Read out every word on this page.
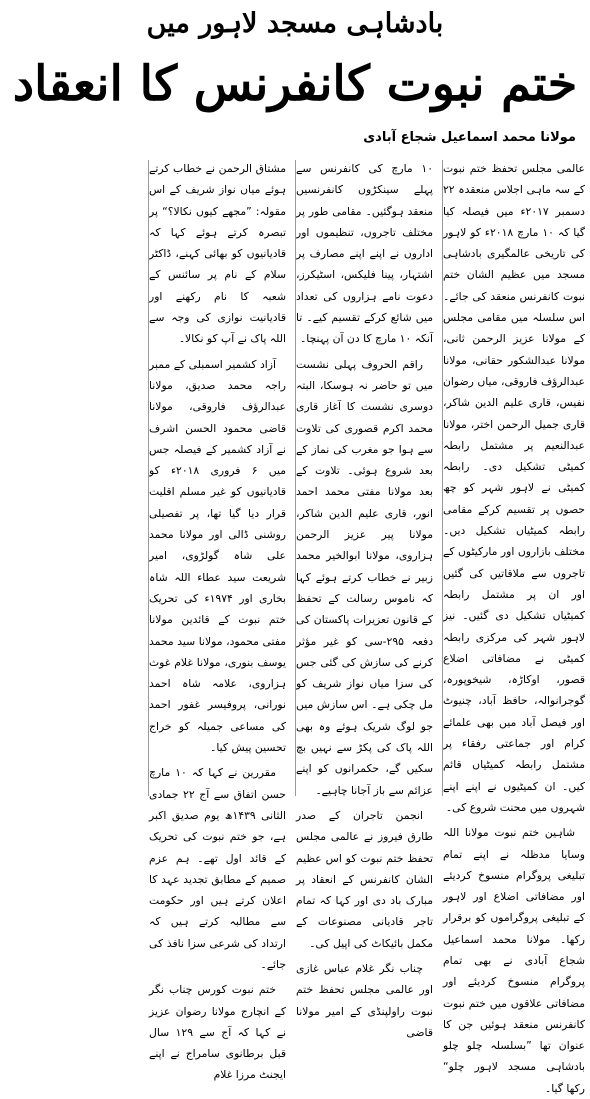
بادشاہی مسجد لاہور میں
ختم نبوت کانفرنس کا انعقاد
مولانا محمد اسماعیل شجاع آبادی

عالمی مجلس تحفظ ختم نبوت کے سہ ماہی اجلاس منعقدہ ۲۲ دسمبر ۲۰۱۷ء میں فیصلہ کیا گیا کہ ۱۰ مارچ ۲۰۱۸ء کو لاہور کی تاریخی عالمگیری بادشاہی مسجد میں عظیم الشان ختم نبوت کانفرنس منعقد کی جائے۔ اس سلسلہ میں مقامی مجلس کے مولانا عزیز الرحمن ثانی، مولانا عبدالشکور حقانی، مولانا عبدالرؤف فاروقی، میاں رضوان نفیس، قاری علیم الدین شاکر، قاری جمیل الرحمن اختر، مولانا عبدالنعیم پر مشتمل رابطہ کمیٹی تشکیل دی۔ رابطہ کمیٹی نے لاہور شہر کو چھ حصوں پر تقسیم کرکے مقامی رابطہ کمیٹیاں تشکیل دیں۔ مختلف بازاروں اور مارکیٹوں کے تاجروں سے ملاقاتیں کی گئیں اور ان پر مشتمل رابطہ کمیٹیاں تشکیل دی گئیں۔ نیز لاہور شہر کی مرکزی رابطہ کمیٹی نے مضافاتی اضلاع قصور، اوکاڑہ، شیخوپورہ، گوجرانوالہ، حافظ آباد، چنیوٹ اور فیصل آباد میں بھی علمائے کرام اور جماعتی رفقاء پر مشتمل رابطہ کمیٹیاں قائم کیں۔ ان کمیٹیوں نے اپنے اپنے شہروں میں محنت شروع کی۔

شاہین ختم نبوت مولانا اللہ وسایا مدظلہ نے اپنے تمام تبلیغی پروگرام منسوخ کردیئے اور مضافاتی اضلاع اور لاہور کے تبلیغی پروگراموں کو برقرار رکھا۔ مولانا محمد اسماعیل شجاع آبادی نے بھی تمام پروگرام منسوخ کردیئے اور مضافاتی علاقوں میں ختم نبوت کانفرنس منعقد ہوئیں جن کا عنوان تھا ”بسلسلہ چلو چلو بادشاہی مسجد لاہور چلو“ رکھا گیا۔

۱۰ مارچ کی کانفرنس سے پہلے سینکڑوں کانفرنسیں منعقد ہوگئیں۔ مقامی طور پر مختلف تاجروں، تنظیموں اور اداروں نے اپنے اپنے مصارف پر اشتہار، پینا فلیکس، اسٹیکرز، دعوت نامے ہزاروں کی تعداد میں شائع کرکے تقسیم کیے۔ تا آنکہ ۱۰ مارچ کا دن آن پہنچا۔

راقم الحروف پہلی نشست میں تو حاضر نہ ہوسکا، البتہ دوسری نشست کا آغاز قاری محمد اکرم قصوری کی تلاوت سے ہوا جو مغرب کی نماز کے بعد شروع ہوئی۔ تلاوت کے بعد مولانا مفتی محمد احمد انور، قاری علیم الدین شاکر، مولانا پیر عزیز الرحمن ہزاروی، مولانا ابوالخیر محمد زبیر نے خطاب کرتے ہوئے کہا کہ ناموس رسالت کے تحفظ کے قانون تعزیرات پاکستان کی دفعہ ۲۹۵-سی کو غیر مؤثر کرنے کی سازش کی گئی جس کی سزا میاں نواز شریف کو مل چکی ہے۔ اس سازش میں جو لوگ شریک ہوئے وہ بھی اللہ پاک کی پکڑ سے نہیں بچ سکیں گے، حکمرانوں کو اپنے عزائم سے باز آجانا چاہیے۔

انجمن تاجران کے صدر طارق فیروز نے عالمی مجلس تحفظ ختم نبوت کو اس عظیم الشان کانفرنس کے انعقاد پر مبارک باد دی اور کہا کہ تمام تاجر قادیانی مصنوعات کے مکمل بائیکاٹ کی اپیل کی۔

چناب نگر غلام عباس غازی اور عالمی مجلس تحفظ ختم نبوت راولپنڈی کے امیر مولانا قاضی

مشتاق الرحمن نے خطاب کرتے ہوئے میاں نواز شریف کے اس مقولہ: ”مجھے کیوں نکالا؟“ پر تبصرہ کرتے ہوئے کہا کہ قادیانیوں کو بھائی کہنے، ڈاکٹر سلام کے نام پر سائنس کے شعبہ کا نام رکھنے اور قادیانیت نوازی کی وجہ سے اللہ پاک نے آپ کو نکالا۔

آزاد کشمیر اسمبلی کے ممبر راجہ محمد صدیق، مولانا عبدالرؤف فاروقی، مولانا قاضی محمود الحسن اشرف نے آزاد کشمیر کے فیصلہ جس میں ۶ فروری ۲۰۱۸ء کو قادیانیوں کو غیر مسلم اقلیت قرار دیا گیا تھا، پر تفصیلی روشنی ڈالی اور مولانا محمد علی شاہ گولڑوی، امیر شریعت سید عطاء اللہ شاہ بخاری اور ۱۹۷۴ء کی تحریک ختم نبوت کے قائدین مولانا مفتی محمود، مولانا سید محمد یوسف بنوری، مولانا غلام غوث ہزاروی، علامہ شاہ احمد نورانی، پروفیسر غفور احمد کی مساعی جمیلہ کو خراج تحسین پیش کیا۔

مقررین نے کہا کہ ۱۰ مارچ حسن اتفاق سے آج ۲۲ جمادی الثانی ۱۴۳۹ھ یوم صدیق اکبر ہے، جو ختم نبوت کی تحریک کے قائد اول تھے۔ ہم عزم صمیم کے مطابق تجدید عہد کا اعلان کرتے ہیں اور حکومت سے مطالبہ کرتے ہیں کہ ارتداد کی شرعی سزا نافذ کی جائے۔

ختم نبوت کورس چناب نگر کے انچارج مولانا رضوان عزیز نے کہا کہ آج سے ۱۲۹ سال قبل برطانوی سامراج نے اپنے ایجنٹ مرزا غلام
